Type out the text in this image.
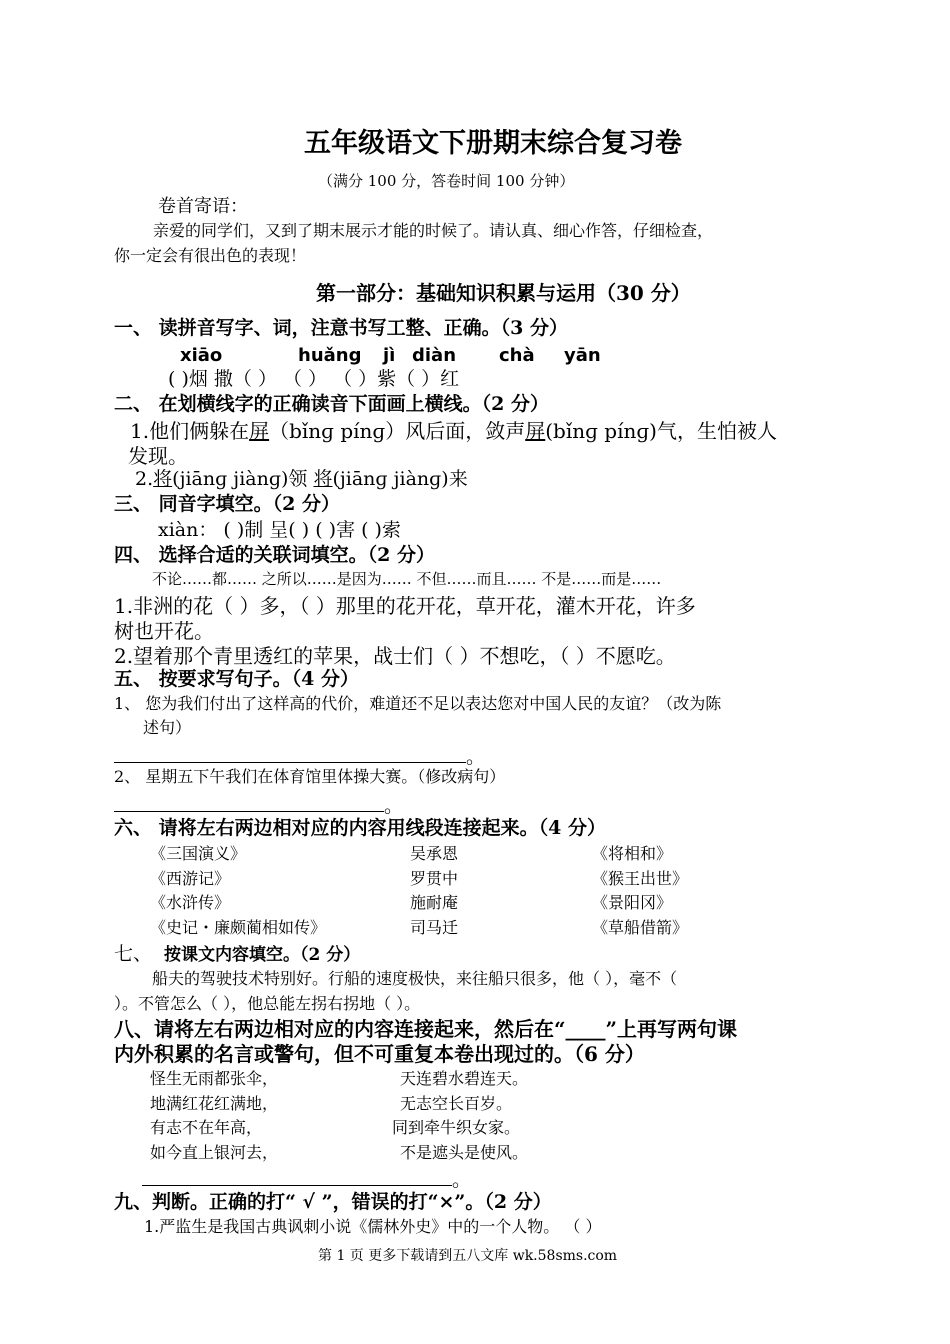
五年级语文下册期末综合复习卷
（满分 100 分，答卷时间 100 分钟）
卷首寄语：
亲爱的同学们，又到了期末展示才能的时候了。请认真、细心作答，仔细检查，
你一定会有很出色的表现！
第一部分：基础知识积累与运用（30 分）
一、 读拼音写字、词，注意书写工整、正确。（3 分）
xiāo	huǎng jì diàn chà yān
( )烟 撒（ ） （ ） （ ）紫（ ）红
二、 在划横线字的正确读音下面画上横线。（2 分）
1.他们俩躲在屏（bǐnɡ pínɡ）风后面，敛声屏(bǐnɡ pínɡ)气，生怕被人
发现。
2.将(jiānɡ jiànɡ)领 将(jiānɡ jiànɡ)来
三、 同音字填空。（2 分）
xiàn： ( )制 呈( ) ( )害 ( )索
四、 选择合适的关联词填空。（2 分）
不论……都…… 之所以……是因为…… 不但……而且…… 不是……而是……
1.非洲的花（ ）多，（ ）那里的花开花，草开花，灌木开花，许多
树也开花。
2.望着那个青里透红的苹果，战士们（ ）不想吃，（ ）不愿吃。
五、 按要求写句子。（4 分）
1、 您为我们付出了这样高的代价，难道还不足以表达您对中国人民的友谊？（改为陈
述句）
。
2、 星期五下午我们在体育馆里体操大赛。（修改病句）
。
六、 请将左右两边相对应的内容用线段连接起来。（4 分）
《三国演义》
《西游记》
《水浒传》
《史记・廉颇蔺相如传》
吴承恩
罗贯中
施耐庵
司马迁
《将相和》
《猴王出世》
《景阳冈》
《草船借箭》
七、 按课文内容填空。（2 分）
船夫的驾驶技术特别好。行船的速度极快，来往船只很多，他（ ），毫不（
）。不管怎么（ ），他总能左拐右拐地（ ）。
八、请将左右两边相对应的内容连接起来，然后在“____”上再写两句课
内外积累的名言或警句，但不可重复本卷出现过的。（6 分）
怪生无雨都张伞，
地满红花红满地，
有志不在年高，
如今直上银河去，
天连碧水碧连天。
无志空长百岁。
同到牵牛织女家。
不是遮头是使风。
。
九、判断。正确的打“ √ ”，错误的打“×”。（2 分）
1.严监生是我国古典讽刺小说《儒林外史》中的一个人物。 （ ）
第 1 页 更多下载请到五八文库 wk.58sms.com
